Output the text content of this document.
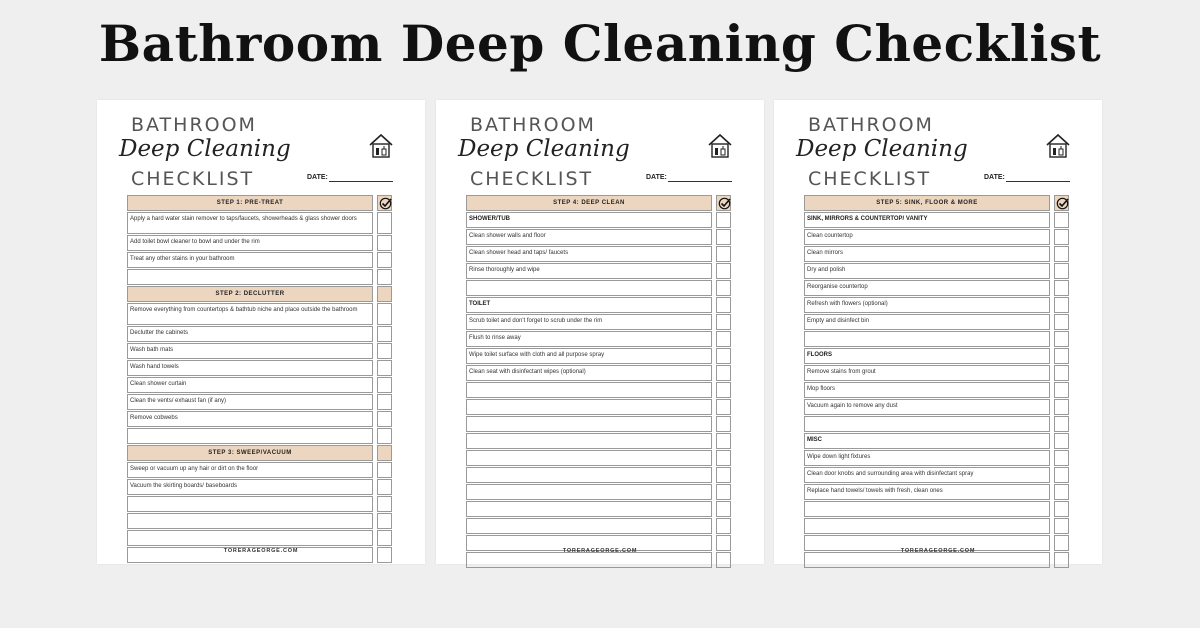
Bathroom Deep Cleaning Checklist
BATHROOM
Deep Cleaning
CHECKLIST	DATE:
STEP 1: PRE-TREAT
Apply a hard water stain remover to taps/faucets, showerheads & glass shower doors
Add toilet bowl cleaner to bowl and under the rim
Treat any other stains in your bathroom
STEP 2: DECLUTTER
Remove everything from countertops & bathtub niche and place outside the bathroom
Declutter the cabinets
Wash bath mats
Wash hand towels
Clean shower curtain
Clean the vents/ exhaust fan (if any)
Remove cobwebs
STEP 3: SWEEP/VACUUM
Sweep or vacuum up any hair or dirt on the floor
Vacuum the skirting boards/ baseboards
TORERAGEORGE.COM
BATHROOM
Deep Cleaning
CHECKLIST	DATE:
STEP 4: DEEP CLEAN
SHOWER/TUB
Clean shower walls and floor
Clean shower head and taps/ faucets
Rinse thoroughly and wipe
TOILET
Scrub toilet and don't forget to scrub under the rim
Flush to rinse away
Wipe toilet surface with cloth and all purpose spray
Clean seat with disinfectant wipes (optional)
TORERAGEORGE.COM
BATHROOM
Deep Cleaning
CHECKLIST	DATE:
STEP 5: SINK, FLOOR & MORE
SINK, MIRRORS & COUNTERTOP/ VANITY
Clean countertop
Clean mirrors
Dry and polish
Reorganise countertop
Refresh with flowers (optional)
Empty and disinfect bin
FLOORS
Remove stains from grout
Mop floors
Vacuum again to remove any dust
MISC
Wipe down light fixtures
Clean door knobs and surrounding area with disinfectant spray
Replace hand towels/ towels with fresh, clean ones
TORERAGEORGE.COM
